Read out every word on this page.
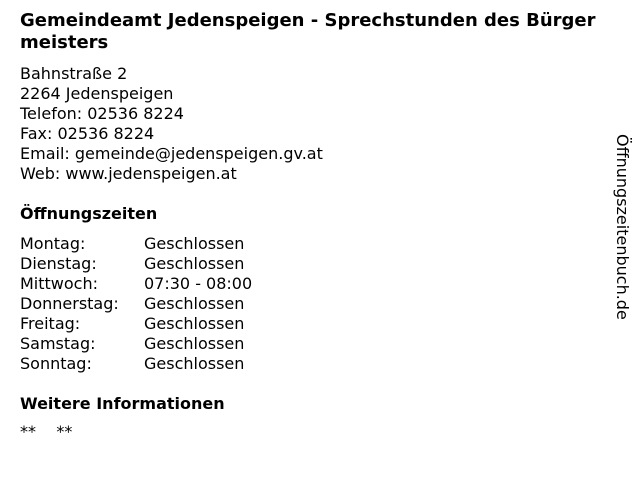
Gemeindeamt Jedenspeigen - Sprechstunden des Bürgermeisters
Bahnstraße 2
2264 Jedenspeigen
Telefon: 02536 8224
Fax: 02536 8224
Email: gemeinde@jedenspeigen.gv.at
Web: www.jedenspeigen.at
Öffnungszeiten
Montag:	Geschlossen
Dienstag:	Geschlossen
Mittwoch:	07:30 - 08:00
Donnerstag:	Geschlossen
Freitag:	Geschlossen
Samstag:	Geschlossen
Sonntag:	Geschlossen
Weitere Informationen
**    **
Öffnungszeitenbuch.de
